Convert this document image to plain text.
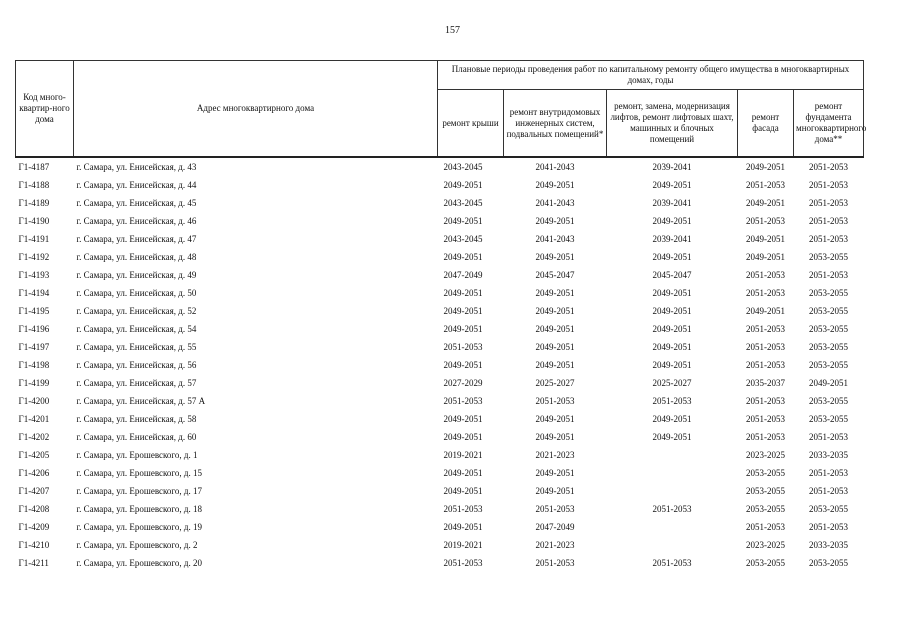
157
Код много-квартир-ного дома	Адрес многоквартирного дома	Плановые периоды проведения работ по капитальному ремонту общего имущества в многоквартирных домах, годы				
		ремонт крыши	ремонт внутридомовых инженерных систем, подвальных помещений*	ремонт, замена, модернизация лифтов, ремонт лифтовых шахт, машинных и блочных помещений	ремонт фасада	ремонт фундамента многоквартирного дома**
Г1-4187	г. Самара, ул. Енисейская, д. 43	2043-2045	2041-2043	2039-2041	2049-2051	2051-2053
Г1-4188	г. Самара, ул. Енисейская, д. 44	2049-2051	2049-2051	2049-2051	2051-2053	2051-2053
Г1-4189	г. Самара, ул. Енисейская, д. 45	2043-2045	2041-2043	2039-2041	2049-2051	2051-2053
Г1-4190	г. Самара, ул. Енисейская, д. 46	2049-2051	2049-2051	2049-2051	2051-2053	2051-2053
Г1-4191	г. Самара, ул. Енисейская, д. 47	2043-2045	2041-2043	2039-2041	2049-2051	2051-2053
Г1-4192	г. Самара, ул. Енисейская, д. 48	2049-2051	2049-2051	2049-2051	2049-2051	2053-2055
Г1-4193	г. Самара, ул. Енисейская, д. 49	2047-2049	2045-2047	2045-2047	2051-2053	2051-2053
Г1-4194	г. Самара, ул. Енисейская, д. 50	2049-2051	2049-2051	2049-2051	2051-2053	2053-2055
Г1-4195	г. Самара, ул. Енисейская, д. 52	2049-2051	2049-2051	2049-2051	2049-2051	2053-2055
Г1-4196	г. Самара, ул. Енисейская, д. 54	2049-2051	2049-2051	2049-2051	2051-2053	2053-2055
Г1-4197	г. Самара, ул. Енисейская, д. 55	2051-2053	2049-2051	2049-2051	2051-2053	2053-2055
Г1-4198	г. Самара, ул. Енисейская, д. 56	2049-2051	2049-2051	2049-2051	2051-2053	2053-2055
Г1-4199	г. Самара, ул. Енисейская, д. 57	2027-2029	2025-2027	2025-2027	2035-2037	2049-2051
Г1-4200	г. Самара, ул. Енисейская, д. 57 А	2051-2053	2051-2053	2051-2053	2051-2053	2053-2055
Г1-4201	г. Самара, ул. Енисейская, д. 58	2049-2051	2049-2051	2049-2051	2051-2053	2053-2055
Г1-4202	г. Самара, ул. Енисейская, д. 60	2049-2051	2049-2051	2049-2051	2051-2053	2051-2053
Г1-4205	г. Самара, ул. Ерошевского, д. 1	2019-2021	2021-2023		2023-2025	2033-2035
Г1-4206	г. Самара, ул. Ерошевского, д. 15	2049-2051	2049-2051		2053-2055	2051-2053
Г1-4207	г. Самара, ул. Ерошевского, д. 17	2049-2051	2049-2051		2053-2055	2051-2053
Г1-4208	г. Самара, ул. Ерошевского, д. 18	2051-2053	2051-2053	2051-2053	2053-2055	2053-2055
Г1-4209	г. Самара, ул. Ерошевского, д. 19	2049-2051	2047-2049		2051-2053	2051-2053
Г1-4210	г. Самара, ул. Ерошевского, д. 2	2019-2021	2021-2023		2023-2025	2033-2035
Г1-4211	г. Самара, ул. Ерошевского, д. 20	2051-2053	2051-2053	2051-2053	2053-2055	2053-2055
